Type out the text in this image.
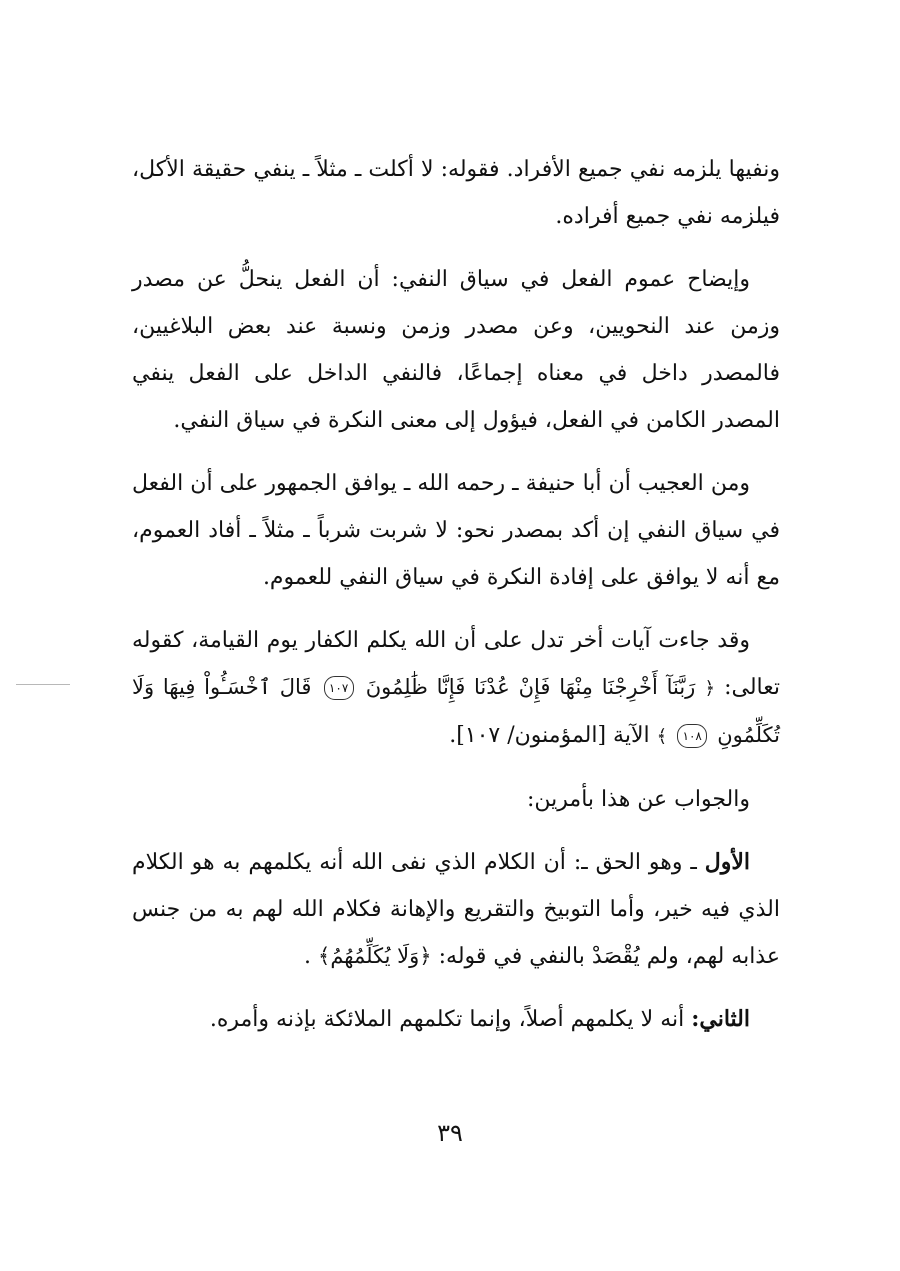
ونفيها يلزمه نفي جميع الأفراد. فقوله: لا أكلت ـ مثلاً ـ ينفي حقيقة الأكل، فيلزمه نفي جميع أفراده.

وإيضاح عموم الفعل في سياق النفي: أن الفعل ينحلُّ عن مصدر وزمن عند النحويين، وعن مصدر وزمن ونسبة عند بعض البلاغيين، فالمصدر داخل في معناه إجماعًا، فالنفي الداخل على الفعل ينفي المصدر الكامن في الفعل، فيؤول إلى معنى النكرة في سياق النفي.

ومن العجيب أن أبا حنيفة ـ رحمه الله ـ يوافق الجمهور على أن الفعل في سياق النفي إن أكد بمصدر نحو: لا شربت شرباً ـ مثلاً ـ أفاد العموم، مع أنه لا يوافق على إفادة النكرة في سياق النفي للعموم.

وقد جاءت آيات أخر تدل على أن الله يكلم الكفار يوم القيامة، كقوله تعالى: ﴿ رَبَّنَآ أَخْرِجْنَا مِنْهَا فَإِنْ عُدْنَا فَإِنَّا ظَٰلِمُونَ ١٠٧ قَالَ ٱخْسَـُٔواْ فِيهَا وَلَا تُكَلِّمُونِ ١٠٨ ﴾ الآية [المؤمنون/ ١٠٧].

والجواب عن هذا بأمرين:

الأول ـ وهو الحق ـ: أن الكلام الذي نفى الله أنه يكلمهم به هو الكلام الذي فيه خير، وأما التوبيخ والتقريع والإهانة فكلام الله لهم به من جنس عذابه لهم، ولم يُقْصَدْ بالنفي في قوله: ﴿وَلَا يُكَلِّمُهُمُ﴾ .

الثاني: أنه لا يكلمهم أصلاً، وإنما تكلمهم الملائكة بإذنه وأمره.

٣٩
